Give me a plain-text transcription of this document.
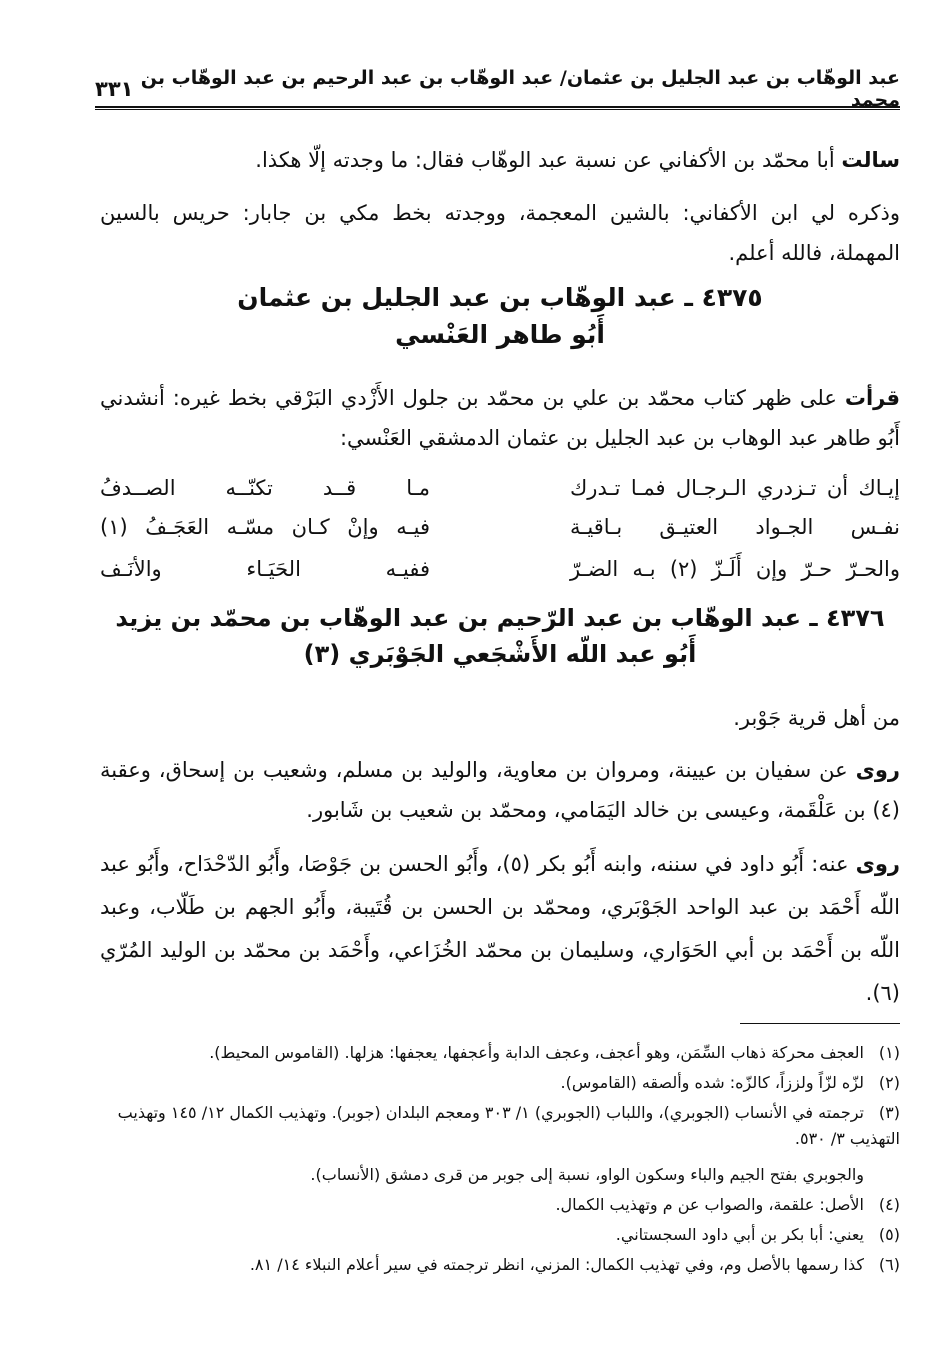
عبد الوهّاب بن عبد الجليل بن عثمان/ عبد الوهّاب بن عبد الرحيم بن عبد الوهّاب بن محمد
٣٣١
سالت أبا محمّد بن الأكفاني عن نسبة عبد الوهّاب فقال: ما وجدته إلّا هكذا.
وذكره لي ابن الأكفاني: بالشين المعجمة، ووجدته بخط مكي بن جابار: حريس بالسين المهملة، فالله أعلم.
٤٣٧٥ ـ عبد الوهّاب بن عبد الجليل بن عثمان
أَبُو طاهر العَنْسي
قرأت على ظهر كتاب محمّد بن علي بن محمّد بن جلول الأَزْدي البَرْقي بخط غيره: أنشدني أَبُو طاهر عبد الوهاب بن عبد الجليل بن عثمان الدمشقي العَنْسي:
إيـاك أن تـزدري الـرجـال فمـا تـدرك
مـا قــد تكنّــه الصــدفُ
نفـس الجـواد العتيـق بـاقيـة
فيـه وإنْ كـان مسّـه العَجَـفُ (١)
والحـرّ حـرّ وإن أَلَـزّ (٢) بـه الضـرّ
ففيـه الحَيَـاء والأنَـف
٤٣٧٦ ـ عبد الوهّاب بن عبد الرّحيم بن عبد الوهّاب بن محمّد بن يزيد
أَبُو عبد اللّه الأَشْجَعي الجَوْبَري (٣)
من أهل قرية جَوْبر.
روى عن سفيان بن عيينة، ومروان بن معاوية، والوليد بن مسلم، وشعيب بن إسحاق، وعقبة (٤) بن عَلْقَمة، وعيسى بن خالد اليَمَامي، ومحمّد بن شعيب بن شَابور.
روى عنه: أَبُو داود في سننه، وابنه أَبُو بكر (٥)، وأَبُو الحسن بن جَوْصَا، وأَبُو الدّحْدَاح، وأَبُو عبد اللّه أَحْمَد بن عبد الواحد الجَوْبَري، ومحمّد بن الحسن بن قُتَيبة، وأَبُو الجهم بن طَلّاب، وعبد اللّه بن أَحْمَد بن أبي الحَوَاري، وسليمان بن محمّد الخُزَاعي، وأَحْمَد بن محمّد بن الوليد المُرّي (٦).
(١)العجف محركة ذهاب السِّمَن، وهو أعجف، وعجف الدابة وأعجفها، يعجفها: هزلها. (القاموس المحيط).
(٢)لزّه لزّاً ولززاً، كالزّه: شده وألصقه (القاموس).
(٣)ترجمته في الأنساب (الجوبري)، واللباب (الجوبري) ١/ ٣٠٣ ومعجم البلدان (جوبر). وتهذيب الكمال ١٢/ ١٤٥ وتهذيب التهذيب ٣/ ٥٣٠.
والجوبري بفتح الجيم والباء وسكون الواو، نسبة إلى جوبر من قرى دمشق (الأنساب).
(٤)الأصل: علقمة، والصواب عن م وتهذيب الكمال.
(٥)يعني: أبا بكر بن أبي داود السجستاني.
(٦)كذا رسمها بالأصل وم، وفي تهذيب الكمال: المزني، انظر ترجمته في سير أعلام النبلاء ١٤/ ٨١.
